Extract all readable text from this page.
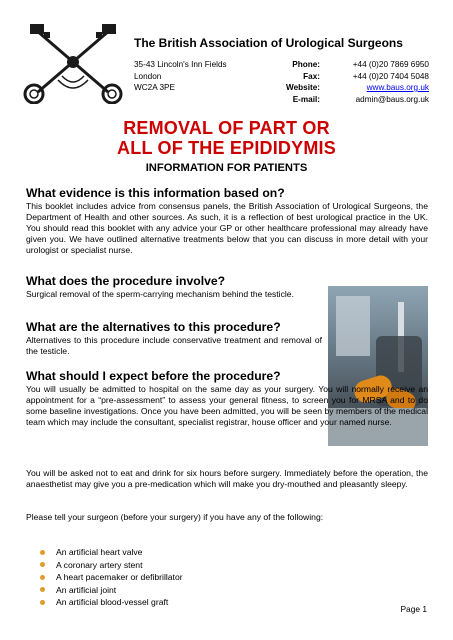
The British Association of Urological Surgeons
35-43 Lincoln's Inn Fields
London
WC2A 3PE
Phone:
Fax:
Website:
E-mail:
+44 (0)20 7869 6950
+44 (0)20 7404 5048
www.baus.org.uk
admin@baus.org.uk
REMOVAL OF PART OR
ALL OF THE EPIDIDYMIS
INFORMATION FOR PATIENTS
What evidence is this information based on?

This booklet includes advice from consensus panels, the British Association of Urological Surgeons, the Department of Health and other sources. As such, it is a reflection of best urological practice in the UK. You should read this booklet with any advice your GP or other healthcare professional may already have given you. We have outlined alternative treatments below that you can discuss in more detail with your urologist or specialist nurse.

What does the procedure involve?

Surgical removal of the sperm-carrying mechanism behind the testicle.

What are the alternatives to this procedure?

Alternatives to this procedure include conservative treatment and removal of the testicle.

What should I expect before the procedure?

You will usually be admitted to hospital on the same day as your surgery. You will normally receive an appointment for a “pre-assessment” to assess your general fitness, to screen you for MRSA and to do some baseline investigations. Once you have been admitted, you will be seen by members of the medical team which may include the consultant, specialist registrar, house officer and your named nurse.

You will be asked not to eat and drink for six hours before surgery. Immediately before the operation, the anaesthetist may give you a pre-medication which will make you dry-mouthed and pleasantly sleepy.

Please tell your surgeon (before your surgery) if you have any of the following:

An artificial heart valve
A coronary artery stent
A heart pacemaker or defibrillator
An artificial joint
An artificial blood-vessel graft
Page 1
